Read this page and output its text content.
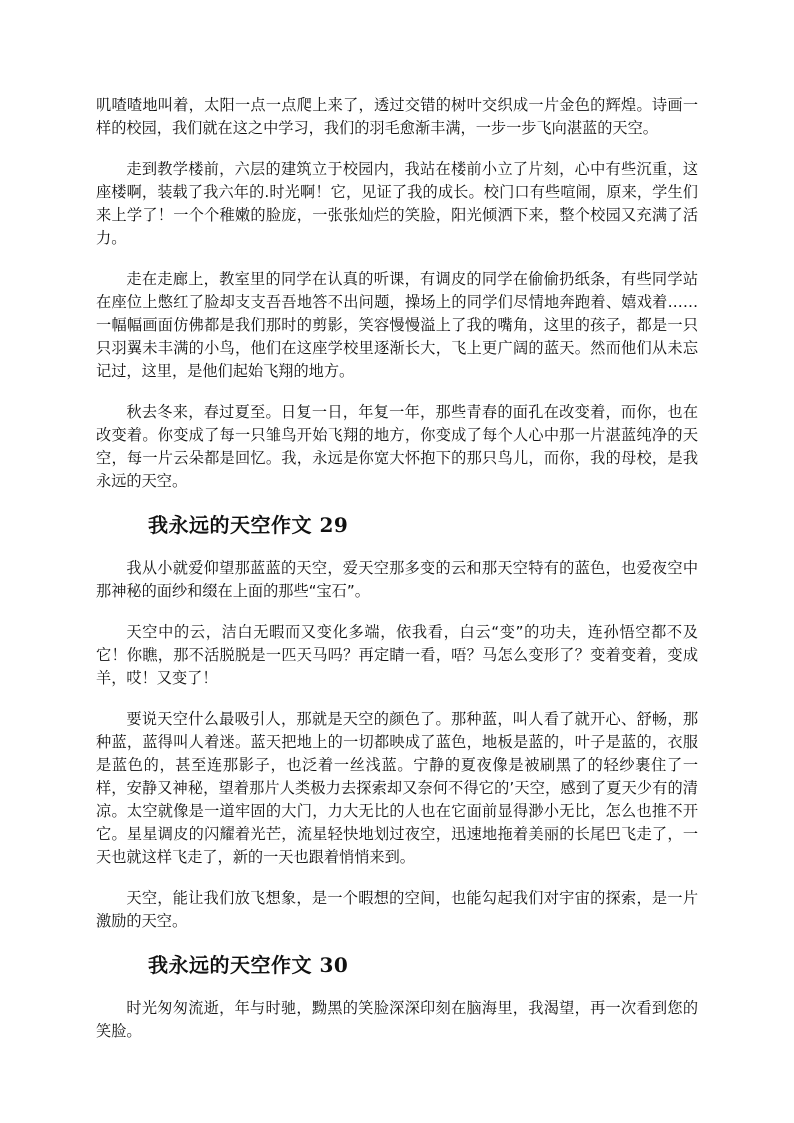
叽喳喳地叫着，太阳一点一点爬上来了，透过交错的树叶交织成一片金色的辉煌。诗画一样的校园，我们就在这之中学习，我们的羽毛愈渐丰满，一步一步飞向湛蓝的天空。

走到教学楼前，六层的建筑立于校园内，我站在楼前小立了片刻，心中有些沉重，这座楼啊，装载了我六年的.时光啊！它，见证了我的成长。校门口有些喧闹，原来，学生们来上学了！一个个稚嫩的脸庞，一张张灿烂的笑脸，阳光倾洒下来，整个校园又充满了活力。

走在走廊上，教室里的同学在认真的听课，有调皮的同学在偷偷扔纸条，有些同学站在座位上憋红了脸却支支吾吾地答不出问题，操场上的同学们尽情地奔跑着、嬉戏着……一幅幅画面仿佛都是我们那时的剪影，笑容慢慢溢上了我的嘴角，这里的孩子，都是一只只羽翼未丰满的小鸟，他们在这座学校里逐渐长大，飞上更广阔的蓝天。然而他们从未忘记过，这里，是他们起始飞翔的地方。

秋去冬来，春过夏至。日复一日，年复一年，那些青春的面孔在改变着，而你，也在改变着。你变成了每一只雏鸟开始飞翔的地方，你变成了每个人心中那一片湛蓝纯净的天空，每一片云朵都是回忆。我，永远是你宽大怀抱下的那只鸟儿，而你，我的母校，是我永远的天空。

我永远的天空作文 29

我从小就爱仰望那蓝蓝的天空，爱天空那多变的云和那天空特有的蓝色，也爱夜空中那神秘的面纱和缀在上面的那些“宝石”。

天空中的云，洁白无暇而又变化多端，依我看，白云“变”的功夫，连孙悟空都不及它！你瞧，那不活脱脱是一匹天马吗？再定睛一看，唔？马怎么变形了？变着变着，变成羊，哎！又变了！

要说天空什么最吸引人，那就是天空的颜色了。那种蓝，叫人看了就开心、舒畅，那种蓝，蓝得叫人着迷。蓝天把地上的一切都映成了蓝色，地板是蓝的，叶子是蓝的，衣服是蓝色的，甚至连那影子，也泛着一丝浅蓝。宁静的夏夜像是被刷黑了的轻纱裹住了一样，安静又神秘，望着那片人类极力去探索却又奈何不得它的’天空，感到了夏天少有的清凉。太空就像是一道牢固的大门，力大无比的人也在它面前显得渺小无比，怎么也推不开它。星星调皮的闪耀着光芒，流星轻快地划过夜空，迅速地拖着美丽的长尾巴飞走了，一天也就这样飞走了，新的一天也跟着悄悄来到。

天空，能让我们放飞想象，是一个暇想的空间，也能勾起我们对宇宙的探索，是一片激励的天空。

我永远的天空作文 30

时光匆匆流逝，年与时驰，黝黑的笑脸深深印刻在脑海里，我渴望，再一次看到您的笑脸。
